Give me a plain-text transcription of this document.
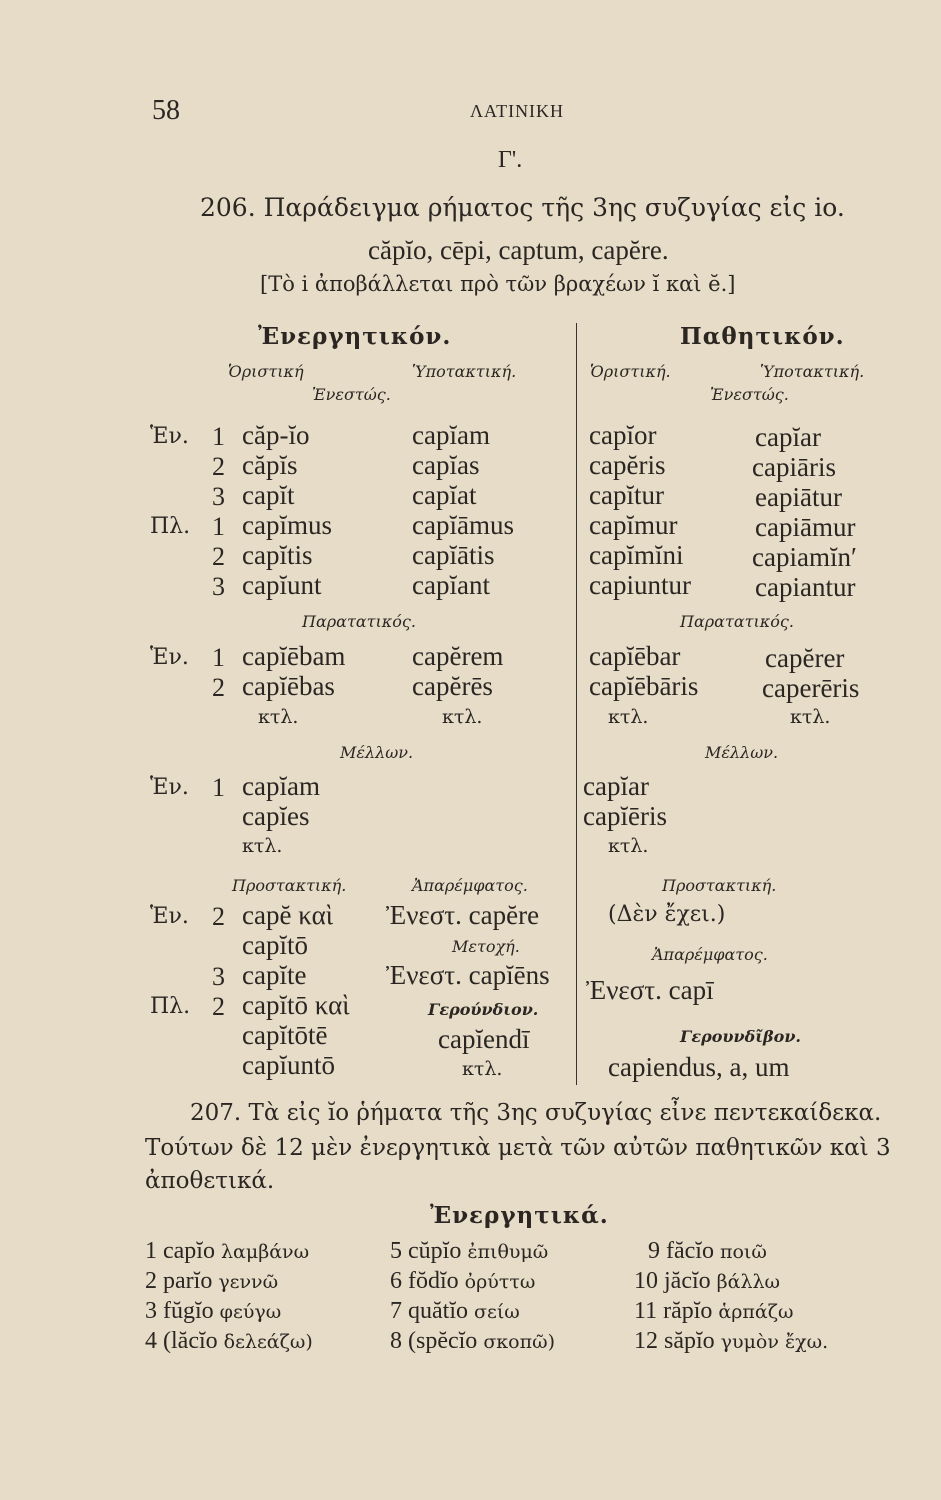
58	ΛΑΤΙΝΙΚΗ
Γ'.
206. Παράδειγμα ρήματος τῆς 3ης συζυγίας εἰς io.
căpĭo, cēpi, captum, capĕre.
[Τὸ i ἀποβάλλεται πρὸ τῶν βραχέων ĭ καὶ ĕ.]
Ἐνεργητικόν.
Ὁριστική	Ὑποτακτική.
Ἐνεστώς.
Ἑν. 1 căp-ĭo	capĭam
2 căpĭs	capĭas
3 capĭt	capĭat
Πλ. 1 capĭmus	capĭāmus
2 capĭtis	capĭātis
3 capĭunt	capĭant
Παρατατικός.
Ἑν. 1 capĭēbam capĕrem
2 capĭēbas	capĕrēs
κτλ.	κτλ.
Μέλλων.
Ἑν. 1 capĭam
capĭes
κτλ.
Προστακτική.	Ἀπαρέμφατος.
Ἑν. 2 capĕ καὶ Ἐνεστ. capĕre
capĭtō	Μετοχή.
3 capĭte	Ἐνεστ. capĭēns
Πλ. 2 capĭtō καὶ	Γερούνδιον.
capĭtōtē	capĭendī
capĭuntō	κτλ.
Παθητικόν.
Ὁριστική.	Ὑποτακτική.
Ἐνεστώς.
capĭor	capĭar
capĕris	capiāris
capĭtur	eapiātur
capĭmur	capiāmur
capĭmĭni	capiamĭnʹ
capiuntur capiantur
Παρατατικός.
capĭēbar	capĕrer
capĭēbāris caperēris
κτλ.	κτλ.
Μέλλων.
capĭar
capĭēris
κτλ.
Προστακτική.
(Δὲν ἔχει.)
Ἀπαρέμφατος.
Ἐνεστ. capī
Γερουνδῖβον.
capiendus, a, um
207. Τὰ εἰς ĭo ῥήματα τῆς 3ης συζυγίας εἶνε πεντεκαίδεκα.
Τούτων δὲ 12 μὲν ἐνεργητικὰ μετὰ τῶν αὐτῶν παθητικῶν καὶ 3
ἀποθετικά.
Ἐνεργητικά.
1 capĭo λαμβάνω
2 parĭo γεννῶ
3 fŭgĭo φεύγω
4 (lăcĭo δελεάζω)
5 cŭpĭo ἐπιθυμῶ
6 fŏdĭo ὀρύττω
7 quătĭo σείω
8 (spĕcĭo σκοπῶ)
9 făcĭo ποιῶ
10 jăcĭo βάλλω
11 răpĭo ἁρπάζω
12 săpĭo γυμὸν ἔχω.
